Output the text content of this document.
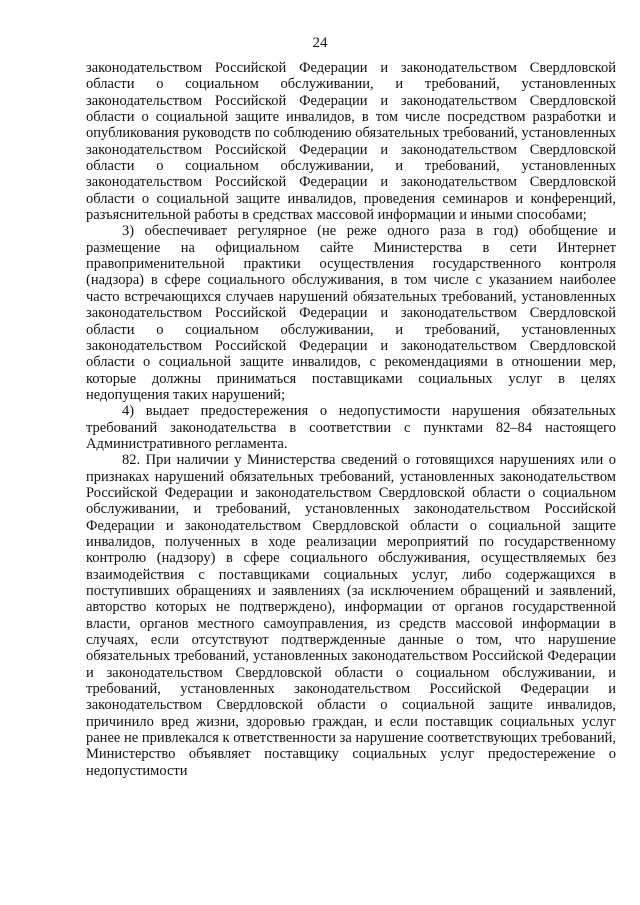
24

законодательством Российской Федерации и законодательством Свердловской области о социальном обслуживании, и требований, установленных законодательством Российской Федерации и законодательством Свердловской области о социальной защите инвалидов, в том числе посредством разработки и опубликования руководств по соблюдению обязательных требований, установленных законодательством Российской Федерации и законодательством Свердловской области о социальном обслуживании, и требований, установленных законодательством Российской Федерации и законодательством Свердловской области о социальной защите инвалидов, проведения семинаров и конференций, разъяснительной работы в средствах массовой информации и иными способами;

3) обеспечивает регулярное (не реже одного раза в год) обобщение и размещение на официальном сайте Министерства в сети Интернет правоприменительной практики осуществления государственного контроля (надзора) в сфере социального обслуживания, в том числе с указанием наиболее часто встречающихся случаев нарушений обязательных требований, установленных законодательством Российской Федерации и законодательством Свердловской области о социальном обслуживании, и требований, установленных законодательством Российской Федерации и законодательством Свердловской области о социальной защите инвалидов, с рекомендациями в отношении мер, которые должны приниматься поставщиками социальных услуг в целях недопущения таких нарушений;

4) выдает предостережения о недопустимости нарушения обязательных требований законодательства в соответствии с пунктами 82–84 настоящего Административного регламента.

82. При наличии у Министерства сведений о готовящихся нарушениях или о признаках нарушений обязательных требований, установленных законодательством Российской Федерации и законодательством Свердловской области о социальном обслуживании, и требований, установленных законодательством Российской Федерации и законодательством Свердловской области о социальной защите инвалидов, полученных в ходе реализации мероприятий по государственному контролю (надзору) в сфере социального обслуживания, осуществляемых без взаимодействия с поставщиками социальных услуг, либо содержащихся в поступивших обращениях и заявлениях (за исключением обращений и заявлений, авторство которых не подтверждено), информации от органов государственной власти, органов местного самоуправления, из средств массовой информации в случаях, если отсутствуют подтвержденные данные о том, что нарушение обязательных требований, установленных законодательством Российской Федерации и законодательством Свердловской области о социальном обслуживании, и требований, установленных законодательством Российской Федерации и законодательством Свердловской области о социальной защите инвалидов, причинило вред жизни, здоровью граждан, и если поставщик социальных услуг ранее не привлекался к ответственности за нарушение соответствующих требований, Министерство объявляет поставщику социальных услуг предостережение о недопустимости
